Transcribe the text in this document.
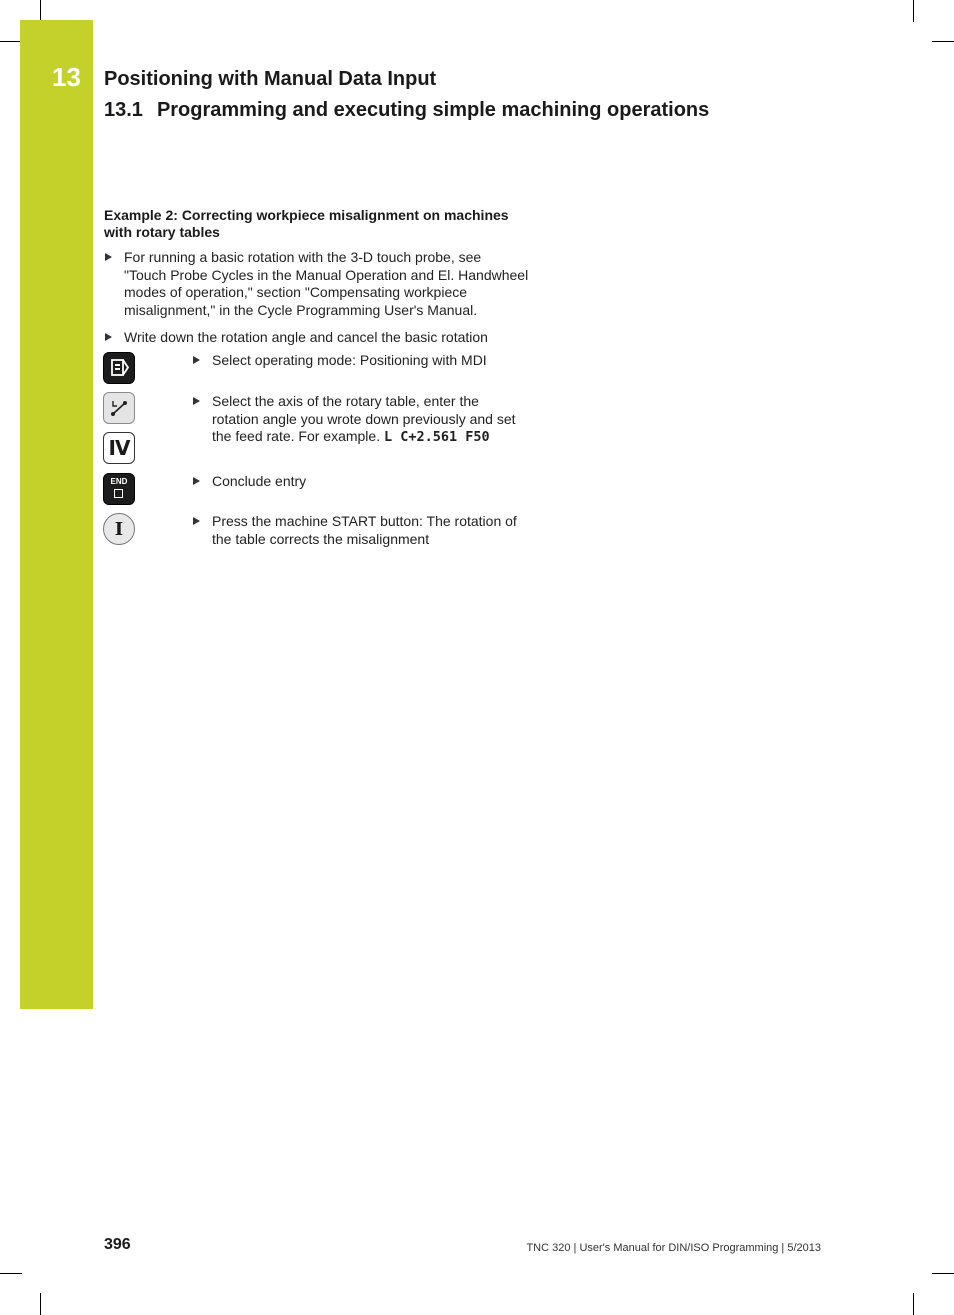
13	Positioning with Manual Data Input
13.1 Programming and executing simple machining operations
Example 2: Correcting workpiece misalignment on machines
with rotary tables
For running a basic rotation with the 3-D touch probe, see
"Touch Probe Cycles in the Manual Operation and El. Handwheel
modes of operation," section "Compensating workpiece
misalignment," in the Cycle Programming User's Manual.
Write down the rotation angle and cancel the basic rotation
Select operating mode: Positioning with MDI
IV
Select the axis of the rotary table, enter the
rotation angle you wrote down previously and set
the feed rate. For example. L C+2.561 F50
END	Conclude entry
I	Press the machine START button: The rotation of
the table corrects the misalignment
396	TNC 320 | User's Manual for DIN/ISO Programming | 5/2013
